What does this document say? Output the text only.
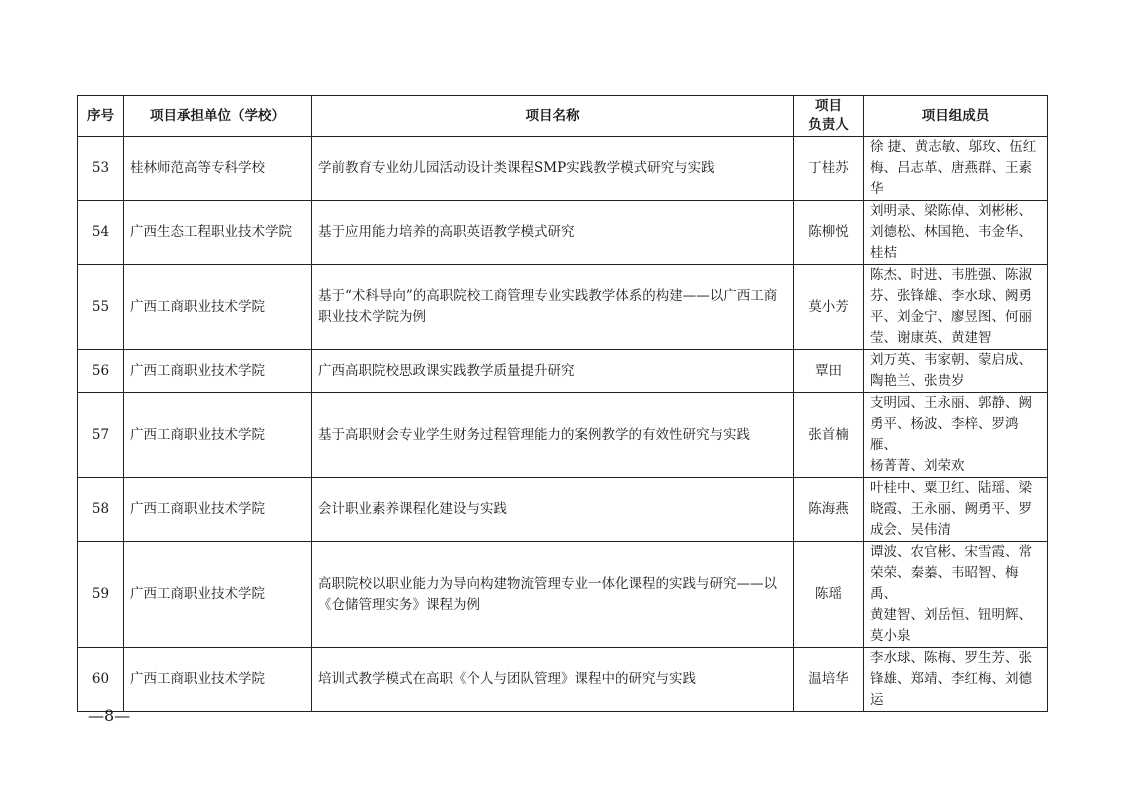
序号	项目承担单位（学校）	项目名称	项目
负责人	项目组成员
53	桂林师范高等专科学校	学前教育专业幼儿园活动设计类课程SMP实践教学模式研究与实践	丁桂苏	徐 捷、黄志敏、邬玫、伍红
梅、吕志革、唐燕群、王素
华

54	广西生态工程职业技术学院	基于应用能力培养的高职英语教学模式研究	陈柳悦	刘明录、梁陈倬、刘彬彬、
刘德松、林国艳、韦金华、
桂桔

55	广西工商职业技术学院	基于“术科导向”的高职院校工商管理专业实践教学体系的构建——以广西工商职业技术学院为例	莫小芳	陈杰、时进、韦胜强、陈淑
芬、张锋雄、李水球、阙勇
平、刘金宁、廖昱图、何丽
莹、谢康英、黄建智

56	广西工商职业技术学院	广西高职院校思政课实践教学质量提升研究	覃田	刘万英、韦家朝、蒙启成、
陶艳兰、张贵岁

57	广西工商职业技术学院	基于高职财会专业学生财务过程管理能力的案例教学的有效性研究与实践	张首楠	支明园、王永丽、郭静、阙
勇平、杨波、李梓、罗鸿雁、
杨菁菁、刘荣欢

58	广西工商职业技术学院	会计职业素养课程化建设与实践	陈海燕	叶桂中、粟卫红、陆瑶、梁
晓霞、王永丽、阙勇平、罗
成会、吴伟清

59	广西工商职业技术学院	高职院校以职业能力为导向构建物流管理专业一体化课程的实践与研究——以《仓储管理实务》课程为例	陈瑶	谭波、农官彬、宋雪霞、常
荣荣、秦蓁、韦昭智、梅禹、
黄建智、刘岳恒、钮明辉、
莫小泉

60	广西工商职业技术学院	培训式教学模式在高职《个人与团队管理》课程中的研究与实践	温培华	李水球、陈梅、罗生芳、张
锋雄、郑靖、李红梅、刘德
运
—8—
